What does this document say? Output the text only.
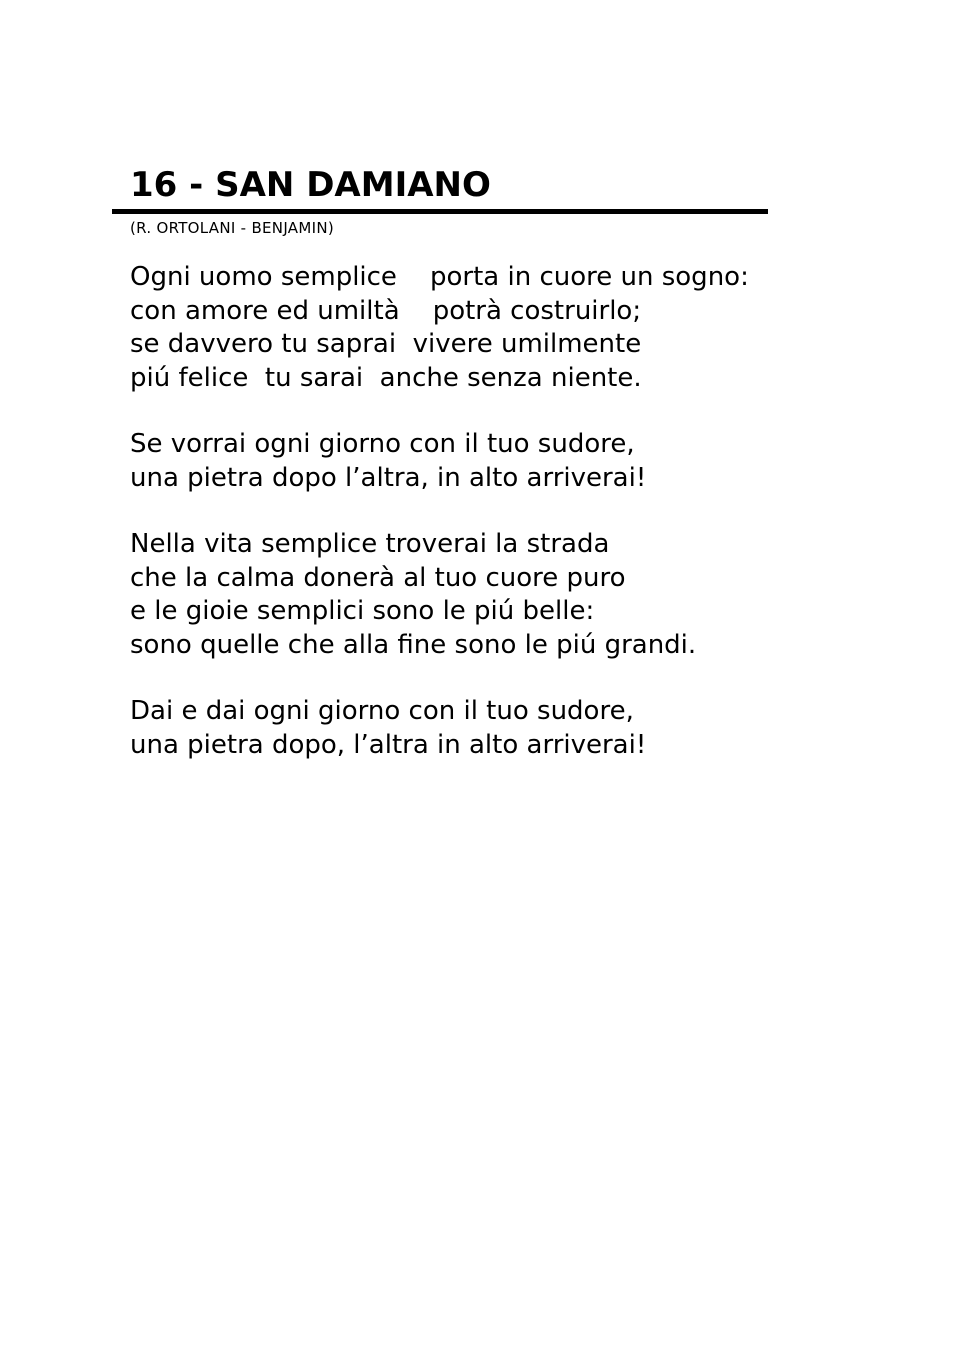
16 - SAN DAMIANO
(R. ORTOLANI - BENJAMIN)
Ogni uomo semplice    porta in cuore un sogno:
con amore ed umiltà    potrà costruirlo;
se davvero tu saprai  vivere umilmente
piú felice  tu sarai  anche senza niente.
Se vorrai ogni giorno con il tuo sudore,
una pietra dopo l’altra, in alto arriverai!
Nella vita semplice troverai la strada
che la calma donerà al tuo cuore puro
e le gioie semplici sono le piú belle:
sono quelle che alla fine sono le piú grandi.
Dai e dai ogni giorno con il tuo sudore,
una pietra dopo, l’altra in alto arriverai!
